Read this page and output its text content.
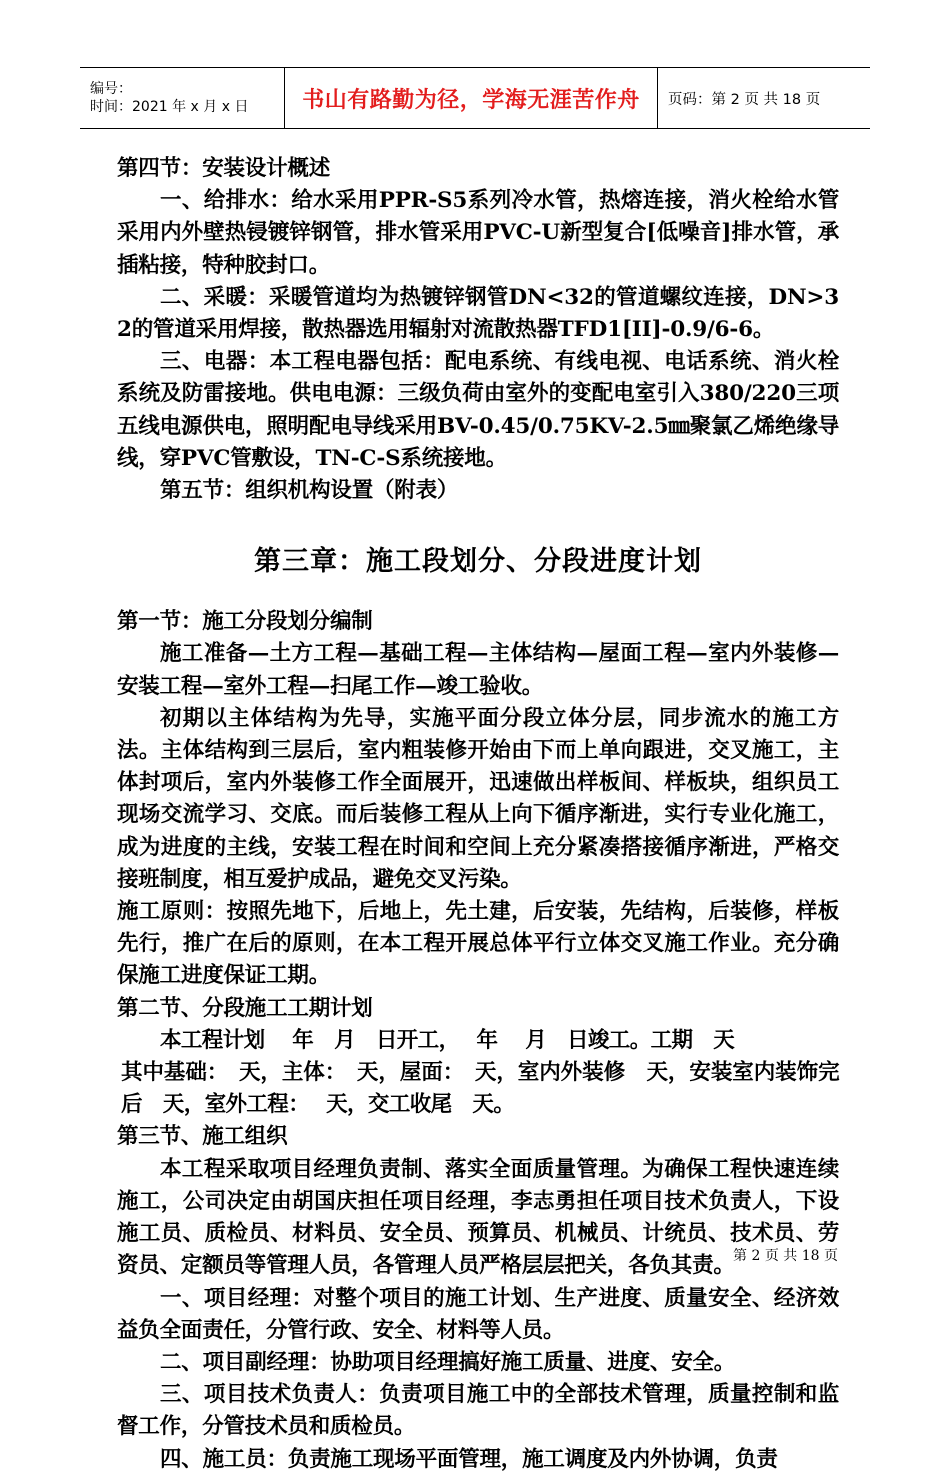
编号：
时间：2021 年 x 月 x 日	书山有路勤为径，学海无涯苦作舟	页码：第 2 页 共 18 页

第四节：安装设计概述

一、给排水：给水采用PPR-S5系列冷水管，热熔连接，消火栓给水管采用内外壁热锓镀锌钢管，排水管采用PVC-U新型复合[低噪音]排水管，承插粘接，特种胶封口。

二、采暖：采暖管道均为热镀锌钢管DN<32的管道螺纹连接，DN>32的管道采用焊接，散热器选用辐射对流散热器TFD1[II]-0.9/6-6。

三、电器：本工程电器包括：配电系统、有线电视、电话系统、消火栓系统及防雷接地。供电电源：三级负荷由室外的变配电室引入380/220三项五线电源供电，照明配电导线采用BV-0.45/0.75KV-2.5㎜聚氯乙烯绝缘导线，穿PVC管敷设，TN-C-S系统接地。

第五节：组织机构设置（附表）

第三章：施工段划分、分段进度计划

第一节：施工分段划分编制

施工准备—土方工程—基础工程—主体结构—屋面工程—室内外装修—安装工程—室外工程—扫尾工作—竣工验收。

初期以主体结构为先导，实施平面分段立体分层，同步流水的施工方法。主体结构到三层后，室内粗装修开始由下而上单向跟进，交叉施工，主体封项后，室内外装修工作全面展开，迅速做出样板间、样板块，组织员工现场交流学习、交底。而后装修工程从上向下循序渐进，实行专业化施工，成为进度的主线，安装工程在时间和空间上充分紧凑搭接循序渐进，严格交接班制度，相互爱护成品，避免交叉污染。

施工原则：按照先地下，后地上，先土建，后安装，先结构，后装修，样板先行，推广在后的原则，在本工程开展总体平行立体交叉施工作业。充分确保施工进度保证工期。

第二节、分段施工工期计划

本工程计划　 年　月　日开工，　 年　 月　日竣工。工期　天

其中基础：　天，主体：　天，屋面：　天，室内外装修　天，安装室内装饰完后　天，室外工程：　 天，交工收尾　天。

第三节、施工组织

本工程采取项目经理负责制、落实全面质量管理。为确保工程快速连续施工，公司决定由胡国庆担任项目经理，李志勇担任项目技术负责人，下设施工员、质检员、材料员、安全员、预算员、机械员、计统员、技术员、劳资员、定额员等管理人员，各管理人员严格层层把关，各负其责。

一、项目经理：对整个项目的施工计划、生产进度、质量安全、经济效益负全面责任，分管行政、安全、材料等人员。

二、项目副经理：协助项目经理搞好施工质量、进度、安全。

三、项目技术负责人：负责项目施工中的全部技术管理，质量控制和监督工作，分管技术员和质检员。

四、施工员：负责施工现场平面管理，施工调度及内外协调，负责

第 2 页 共 18 页
